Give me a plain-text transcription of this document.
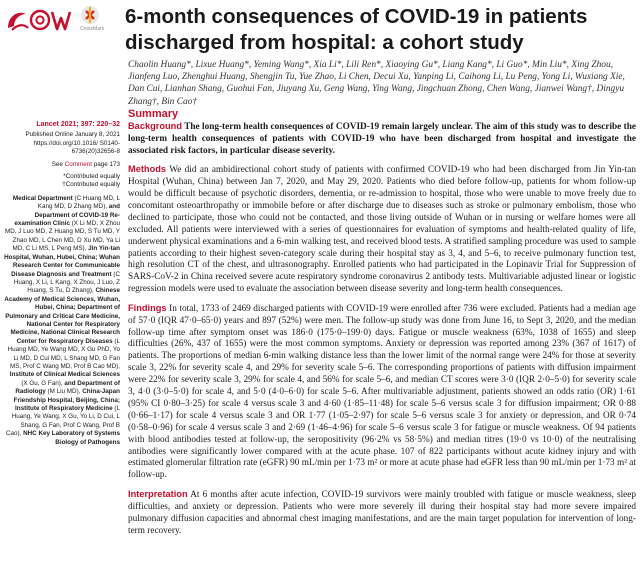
CrossMark
6-month consequences of COVID-19 in patients discharged from hospital: a cohort study
Chaolin Huang*, Lixue Huang*, Yeming Wang*, Xia Li*, Lili Ren*, Xiaoying Gu*, Liang Kang*, Li Guo*, Min Liu*, Xing Zhou, Jianfeng Luo, Zhenghui Huang, Shengjin Tu, Yue Zhao, Li Chen, Decui Xu, Yanping Li, Caihong Li, Lu Peng, Yong Li, Wuxiang Xie, Dan Cui, Lianhan Shang, Guohui Fan, Jiuyang Xu, Geng Wang, Ying Wang, Jingchuan Zhong, Chen Wang, Jianwei Wang†, Dingyu Zhang†, Bin Cao†
Lancet 2021; 397: 220–32
Published Online January 8, 2021 https://doi.org/10.1016/ S0140-6736(20)32656-8
See Comment page 173
*Contributed equally
†Contributed equally
Medical Department (C Huang MD, L Kang MD, D Zhang MD), and Department of COVID-19 Re-examination Clinic (X Li MD, X Zhou MD, J Luo MD, Z Huang MD, S Tu MD, Y Zhao MD, L Chen MD, D Xu MD, Ya Li MD, C Li MS, L Peng MS), Jin Yin-tan Hospital, Wuhan, Hubei, China; Wuhan Research Center for Communicable Disease Diagnosis and Treatment (C Huang, X Li, L Kang, X Zhou, J Luo, Z Huang, S Tu, D Zhang), Chinese Academy of Medical Sciences, Wuhan, Hubei, China; Department of Pulmonary and Critical Care Medicine, National Center for Respiratory Medicine, National Clinical Research Center for Respiratory Diseases (L Huang MD, Ye Wang MD, X Gu PhD, Yo Li MD, D Cui MD, L Shang MD, G Fan MS, Prof C Wang MD, Prof B Cao MD), Institute of Clinical Medical Sciences (X Gu, G Fan), and Department of Radiology (M Liu MD), China-Japan Friendship Hospital, Beijing, China; Institute of Respiratory Medicine (L Huang, Ye Wang, X Gu, Yo Li, D Cui, L Shang, G Fan, Prof C Wang, Prof B Cao), NHC Key Laboratory of Systems Biology of Pathogens
Summary

Background The long-term health consequences of COVID-19 remain largely unclear. The aim of this study was to describe the long-term health consequences of patients with COVID-19 who have been discharged from hospital and investigate the associated risk factors, in particular disease severity.

Methods We did an ambidirectional cohort study of patients with confirmed COVID-19 who had been discharged from Jin Yin-tan Hospital (Wuhan, China) between Jan 7, 2020, and May 29, 2020. Patients who died before follow-up, patients for whom follow-up would be difficult because of psychotic disorders, dementia, or re-admission to hospital, those who were unable to move freely due to concomitant osteoarthropathy or immobile before or after discharge due to diseases such as stroke or pulmonary embolism, those who declined to participate, those who could not be contacted, and those living outside of Wuhan or in nursing or welfare homes were all excluded. All patients were interviewed with a series of questionnaires for evaluation of symptoms and health-related quality of life, underwent physical examinations and a 6-min walking test, and received blood tests. A stratified sampling procedure was used to sample patients according to their highest seven-category scale during their hospital stay as 3, 4, and 5–6, to receive pulmonary function test, high resolution CT of the chest, and ultrasonography. Enrolled patients who had participated in the Lopinavir Trial for Suppression of SARS-CoV-2 in China received severe acute respiratory syndrome coronavirus 2 antibody tests. Multivariable adjusted linear or logistic regression models were used to evaluate the association between disease severity and long-term health consequences.

Findings In total, 1733 of 2469 discharged patients with COVID-19 were enrolled after 736 were excluded. Patients had a median age of 57·0 (IQR 47·0–65·0) years and 897 (52%) were men. The follow-up study was done from June 16, to Sept 3, 2020, and the median follow-up time after symptom onset was 186·0 (175·0–199·0) days. Fatigue or muscle weakness (63%, 1038 of 1655) and sleep difficulties (26%, 437 of 1655) were the most common symptoms. Anxiety or depression was reported among 23% (367 of 1617) of patients. The proportions of median 6-min walking distance less than the lower limit of the normal range were 24% for those at severity scale 3, 22% for severity scale 4, and 29% for severity scale 5–6. The corresponding proportions of patients with diffusion impairment were 22% for severity scale 3, 29% for scale 4, and 56% for scale 5–6, and median CT scores were 3·0 (IQR 2·0–5·0) for severity scale 3, 4·0 (3·0–5·0) for scale 4, and 5·0 (4·0–6·0) for scale 5–6. After multivariable adjustment, patients showed an odds ratio (OR) 1·61 (95% CI 0·80–3·25) for scale 4 versus scale 3 and 4·60 (1·85–11·48) for scale 5–6 versus scale 3 for diffusion impairment; OR 0·88 (0·66–1·17) for scale 4 versus scale 3 and OR 1·77 (1·05–2·97) for scale 5–6 versus scale 3 for anxiety or depression, and OR 0·74 (0·58–0·96) for scale 4 versus scale 3 and 2·69 (1·46–4·96) for scale 5–6 versus scale 3 for fatigue or muscle weakness. Of 94 patients with blood antibodies tested at follow-up, the seropositivity (96·2% vs 58·5%) and median titres (19·0 vs 10·0) of the neutralising antibodies were significantly lower compared with at the acute phase. 107 of 822 participants without acute kidney injury and with estimated glomerular filtration rate (eGFR) 90 mL/min per 1·73 m² or more at acute phase had eGFR less than 90 mL/min per 1·73 m² at follow-up.

Interpretation At 6 months after acute infection, COVID-19 survivors were mainly troubled with fatigue or muscle weakness, sleep difficulties, and anxiety or depression. Patients who were more severely ill during their hospital stay had more severe impaired pulmonary diffusion capacities and abnormal chest imaging manifestations, and are the main target population for intervention of long-term recovery.
